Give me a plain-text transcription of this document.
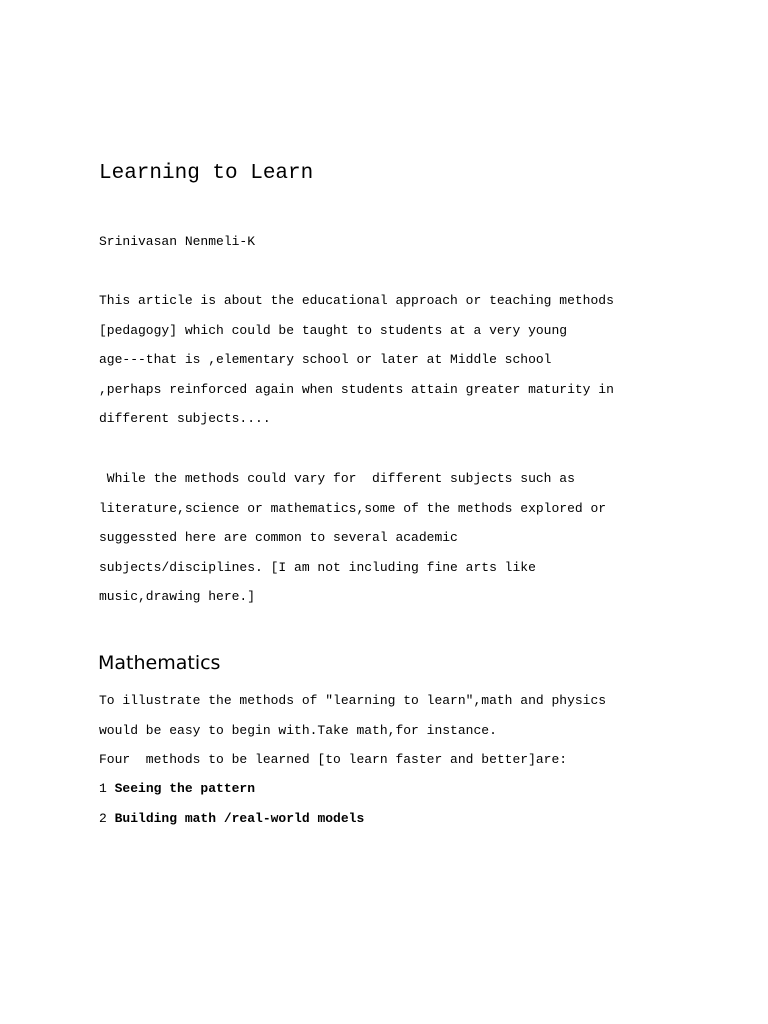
Learning to Learn
Srinivasan Nenmeli-K
This article is about the educational approach or teaching methods
[pedagogy] which could be taught to students at a very young
age---that is ,elementary school or later at Middle school
,perhaps reinforced again when students attain greater maturity in
different subjects....
While the methods could vary for  different subjects such as
literature,science or mathematics,some of the methods explored or
suggessted here are common to several academic
subjects/disciplines. [I am not including fine arts like
music,drawing here.]
Mathematics
To illustrate the methods of "learning to learn",math and physics
would be easy to begin with.Take math,for instance.
Four  methods to be learned [to learn faster and better]are:
1 Seeing the pattern
2 Building math /real-world models
